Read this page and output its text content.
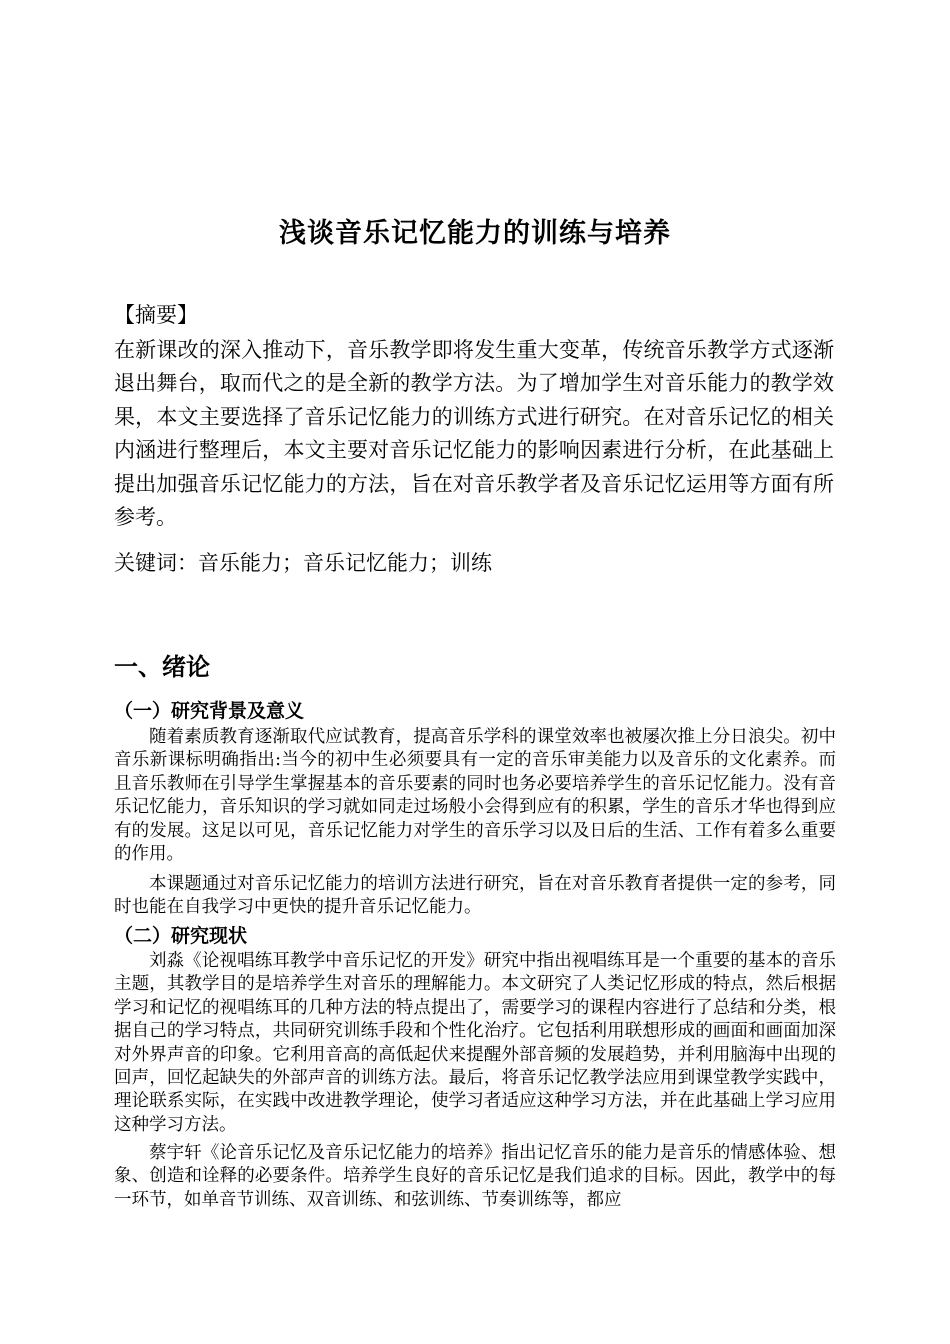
浅谈音乐记忆能力的训练与培养
【摘要】

在新课改的深入推动下，音乐教学即将发生重大变革，传统音乐教学方式逐渐退出舞台，取而代之的是全新的教学方法。为了增加学生对音乐能力的教学效果，本文主要选择了音乐记忆能力的训练方式进行研究。在对音乐记忆的相关内涵进行整理后，本文主要对音乐记忆能力的影响因素进行分析，在此基础上提出加强音乐记忆能力的方法，旨在对音乐教学者及音乐记忆运用等方面有所参考。

关键词：音乐能力；音乐记忆能力；训练
一、绪论
（一）研究背景及意义

随着素质教育逐渐取代应试教育，提高音乐学科的课堂效率也被屡次推上分日浪尖。初中音乐新课标明确指出:当今的初中生必须要具有一定的音乐审美能力以及音乐的文化素养。而且音乐教师在引导学生掌握基本的音乐要素的同时也务必要培养学生的音乐记忆能力。没有音乐记忆能力，音乐知识的学习就如同走过场般小会得到应有的积累，学生的音乐才华也得到应有的发展。这足以可见，音乐记忆能力对学生的音乐学习以及日后的生活、工作有着多么重要的作用。

本课题通过对音乐记忆能力的培训方法进行研究，旨在对音乐教育者提供一定的参考，同时也能在自我学习中更快的提升音乐记忆能力。

（二）研究现状

刘淼《论视唱练耳教学中音乐记忆的开发》研究中指出视唱练耳是一个重要的基本的音乐主题，其教学目的是培养学生对音乐的理解能力。本文研究了人类记忆形成的特点，然后根据学习和记忆的视唱练耳的几种方法的特点提出了，需要学习的课程内容进行了总结和分类，根据自己的学习特点，共同研究训练手段和个性化治疗。它包括利用联想形成的画面和画面加深对外界声音的印象。它利用音高的高低起伏来提醒外部音频的发展趋势，并利用脑海中出现的回声，回忆起缺失的外部声音的训练方法。最后，将音乐记忆教学法应用到课堂教学实践中，理论联系实际，在实践中改进教学理论，使学习者适应这种学习方法，并在此基础上学习应用这种学习方法。

蔡宇轩《论音乐记忆及音乐记忆能力的培养》指出记忆音乐的能力是音乐的情感体验、想象、创造和诠释的必要条件。培养学生良好的音乐记忆是我们追求的目标。因此，教学中的每一环节，如单音节训练、双音训练、和弦训练、节奏训练等，都应
